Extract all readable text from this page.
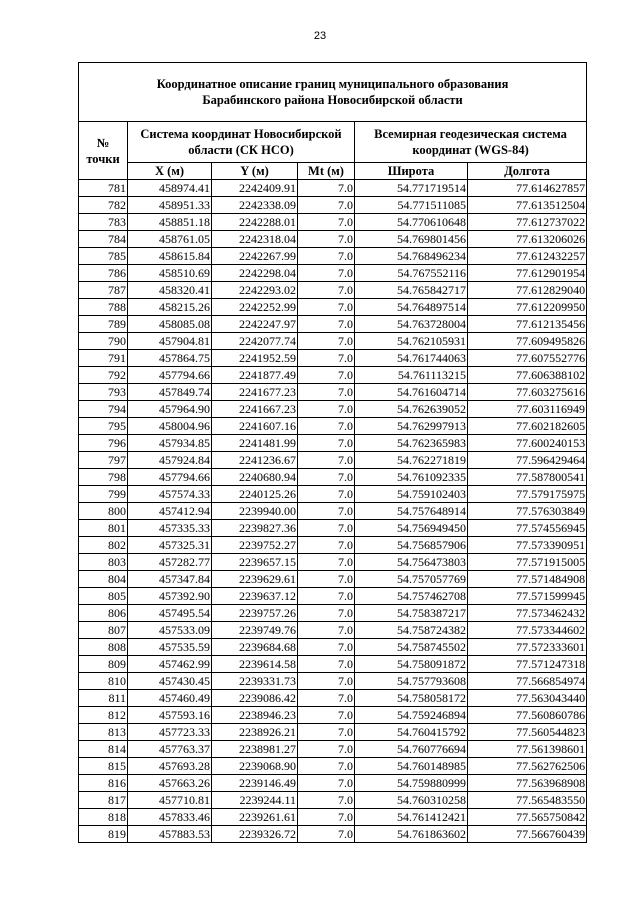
23
Координатное описание границ муниципального образования
Барабинского района Новосибирской области					

№ точки	Система координат Новосибирской области (СК НСО)			Всемирная геодезическая система координат (WGS-84)	
	X (м)	Y (м)	Mt (м)	Широта	Долгота
781	458974.41	2242409.91	7.0	54.771719514	77.614627857
782	458951.33	2242338.09	7.0	54.771511085	77.613512504
783	458851.18	2242288.01	7.0	54.770610648	77.612737022
784	458761.05	2242318.04	7.0	54.769801456	77.613206026
785	458615.84	2242267.99	7.0	54.768496234	77.612432257
786	458510.69	2242298.04	7.0	54.767552116	77.612901954
787	458320.41	2242293.02	7.0	54.765842717	77.612829040
788	458215.26	2242252.99	7.0	54.764897514	77.612209950
789	458085.08	2242247.97	7.0	54.763728004	77.612135456
790	457904.81	2242077.74	7.0	54.762105931	77.609495826
791	457864.75	2241952.59	7.0	54.761744063	77.607552776
792	457794.66	2241877.49	7.0	54.761113215	77.606388102
793	457849.74	2241677.23	7.0	54.761604714	77.603275616
794	457964.90	2241667.23	7.0	54.762639052	77.603116949
795	458004.96	2241607.16	7.0	54.762997913	77.602182605
796	457934.85	2241481.99	7.0	54.762365983	77.600240153
797	457924.84	2241236.67	7.0	54.762271819	77.596429464
798	457794.66	2240680.94	7.0	54.761092335	77.587800541
799	457574.33	2240125.26	7.0	54.759102403	77.579175975
800	457412.94	2239940.00	7.0	54.757648914	77.576303849
801	457335.33	2239827.36	7.0	54.756949450	77.574556945
802	457325.31	2239752.27	7.0	54.756857906	77.573390951
803	457282.77	2239657.15	7.0	54.756473803	77.571915005
804	457347.84	2239629.61	7.0	54.757057769	77.571484908
805	457392.90	2239637.12	7.0	54.757462708	77.571599945
806	457495.54	2239757.26	7.0	54.758387217	77.573462432
807	457533.09	2239749.76	7.0	54.758724382	77.573344602
808	457535.59	2239684.68	7.0	54.758745502	77.572333601
809	457462.99	2239614.58	7.0	54.758091872	77.571247318
810	457430.45	2239331.73	7.0	54.757793608	77.566854974
811	457460.49	2239086.42	7.0	54.758058172	77.563043440
812	457593.16	2238946.23	7.0	54.759246894	77.560860786
813	457723.33	2238926.21	7.0	54.760415792	77.560544823
814	457763.37	2238981.27	7.0	54.760776694	77.561398601
815	457693.28	2239068.90	7.0	54.760148985	77.562762506
816	457663.26	2239146.49	7.0	54.759880999	77.563968908
817	457710.81	2239244.11	7.0	54.760310258	77.565483550
818	457833.46	2239261.61	7.0	54.761412421	77.565750842
819	457883.53	2239326.72	7.0	54.761863602	77.566760439
